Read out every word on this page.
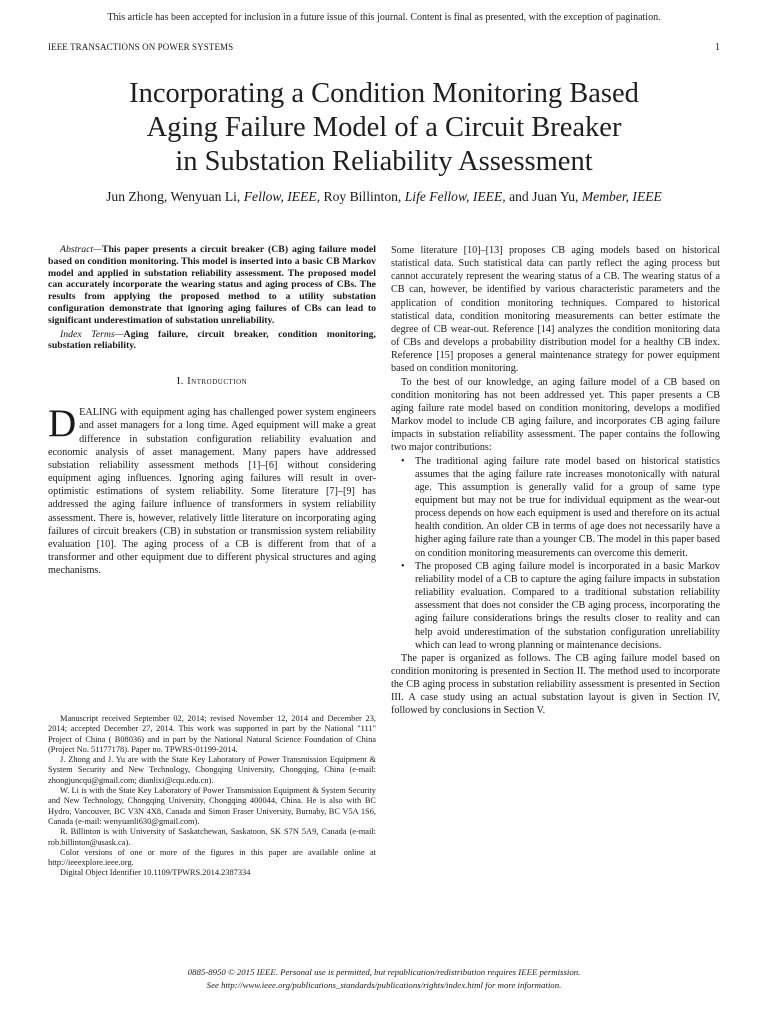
This article has been accepted for inclusion in a future issue of this journal. Content is final as presented, with the exception of pagination.
IEEE TRANSACTIONS ON POWER SYSTEMS	1
Incorporating a Condition Monitoring Based
Aging Failure Model of a Circuit Breaker
in Substation Reliability Assessment
Jun Zhong, Wenyuan Li, Fellow, IEEE, Roy Billinton, Life Fellow, IEEE, and Juan Yu, Member, IEEE

Abstract—This paper presents a circuit breaker (CB) aging failure model based on condition monitoring. This model is inserted into a basic CB Markov model and applied in substation reliability assessment. The proposed model can accurately incorporate the wearing status and aging process of CBs. The results from applying the proposed method to a utility substation configuration demonstrate that ignoring aging failures of CBs can lead to significant underestimation of substation unreliability.

Index Terms—Aging failure, circuit breaker, condition monitoring, substation reliability.

I. Introduction

DEALING with equipment aging has challenged power system engineers and asset managers for a long time. Aged equipment will make a great difference in substation configuration reliability evaluation and economic analysis of asset management. Many papers have addressed substation reliability assessment methods [1]–[6] without considering equipment aging influences. Ignoring aging failures will result in over-optimistic estimations of system reliability. Some literature [7]–[9] has addressed the aging failure influence of transformers in system reliability assessment. There is, however, relatively little literature on incorporating aging failures of circuit breakers (CB) in substation or transmission system reliability evaluation [10]. The aging process of a CB is different from that of a transformer and other equipment due to different physical structures and aging mechanisms.

Manuscript received September 02, 2014; revised November 12, 2014 and December 23, 2014; accepted December 27, 2014. This work was supported in part by the National "111" Project of China ( B08036) and in part by the National Natural Science Foundation of China (Project No. 51177178). Paper no. TPWRS-01199-2014.

J. Zhong and J. Yu are with the State Key Laboratory of Power Transmission Equipment & System Security and New Technology, Chongqing University, Chongqing, China (e-mail: zhongjuncqu@gmail.com; dianlixi@cqu.edu.cn).

W. Li is with the State Key Laboratory of Power Transmission Equipment & System Security and New Technology, Chongqing University, Chongqing 400044, China. He is also with BC Hydro, Vancouver, BC V3N 4X8, Canada and Simon Fraser University, Burnaby, BC V5A 1S6, Canada (e-mail: wenyuanli630@gmail.com).

R. Billinton is with University of Saskatchewan, Saskatoon, SK S7N 5A9, Canada (e-mail: rob.billinton@usask.ca).

Color versions of one or more of the figures in this paper are available online at http://ieeexplore.ieee.org.

Digital Object Identifier 10.1109/TPWRS.2014.2387334

Some literature [10]–[13] proposes CB aging models based on historical statistical data. Such statistical data can partly reflect the aging process but cannot accurately represent the wearing status of a CB. The wearing status of a CB can, however, be identified by various characteristic parameters and the application of condition monitoring techniques. Compared to historical statistical data, condition monitoring measurements can better estimate the degree of CB wear-out. Reference [14] analyzes the condition monitoring data of CBs and develops a probability distribution model for a healthy CB index. Reference [15] proposes a general maintenance strategy for power equipment based on condition monitoring.

To the best of our knowledge, an aging failure model of a CB based on condition monitoring has not been addressed yet. This paper presents a CB aging failure rate model based on condition monitoring, develops a modified Markov model to include CB aging failure, and incorporates CB aging failure impacts in substation reliability assessment. The paper contains the following two major contributions:

• The traditional aging failure rate model based on historical statistics assumes that the aging failure rate increases monotonically with natural age. This assumption is generally valid for a group of same type equipment but may not be true for individual equipment as the wear-out process depends on how each equipment is used and therefore on its actual health condition. An older CB in terms of age does not necessarily have a higher aging failure rate than a younger CB. The model in this paper based on condition monitoring measurements can overcome this demerit.
• The proposed CB aging failure model is incorporated in a basic Markov reliability model of a CB to capture the aging failure impacts in substation reliability evaluation. Compared to a traditional substation reliability assessment that does not consider the CB aging process, incorporating the aging failure considerations brings the results closer to reality and can help avoid underestimation of the substation configuration unreliability which can lead to wrong planning or maintenance decisions.

The paper is organized as follows. The CB aging failure model based on condition monitoring is presented in Section II. The method used to incorporate the CB aging process in substation reliability assessment is presented in Section III. A case study using an actual substation layout is given in Section IV, followed by conclusions in Section V.

0885-8950 © 2015 IEEE. Personal use is permitted, but republication/redistribution requires IEEE permission.
See http://www.ieee.org/publications_standards/publications/rights/index.html for more information.
